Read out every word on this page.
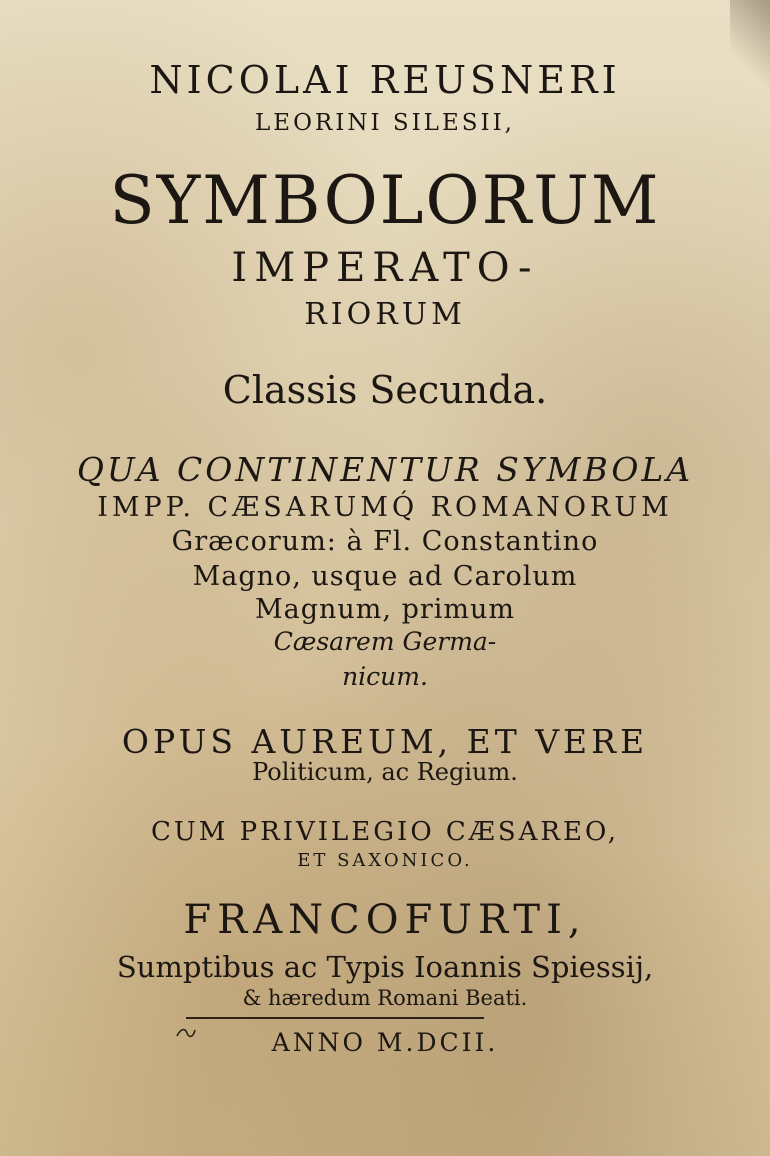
NICOLAI REUSNERI
LEORINI SILESII,
SYMBOLORUM
IMPERATO-
RIORUM
Classis Secunda.
QUA CONTINENTUR SYMBOLA
IMPP. CÆSARUMQ́ ROMANORUM
Græcorum: à Fl. Constantino
Magno, usque ad Carolum
Magnum, primum
Cæsarem Germa-
nicum.
OPUS AUREUM, ET VERE
Politicum, ac Regium.
CUM PRIVILEGIO CÆSAREO,
ET SAXONICO.
FRANCOFURTI,
Sumptibus ac Typis Ioannis Spiessij,
& hæredum Romani Beati.
ANNO M.DCII.
